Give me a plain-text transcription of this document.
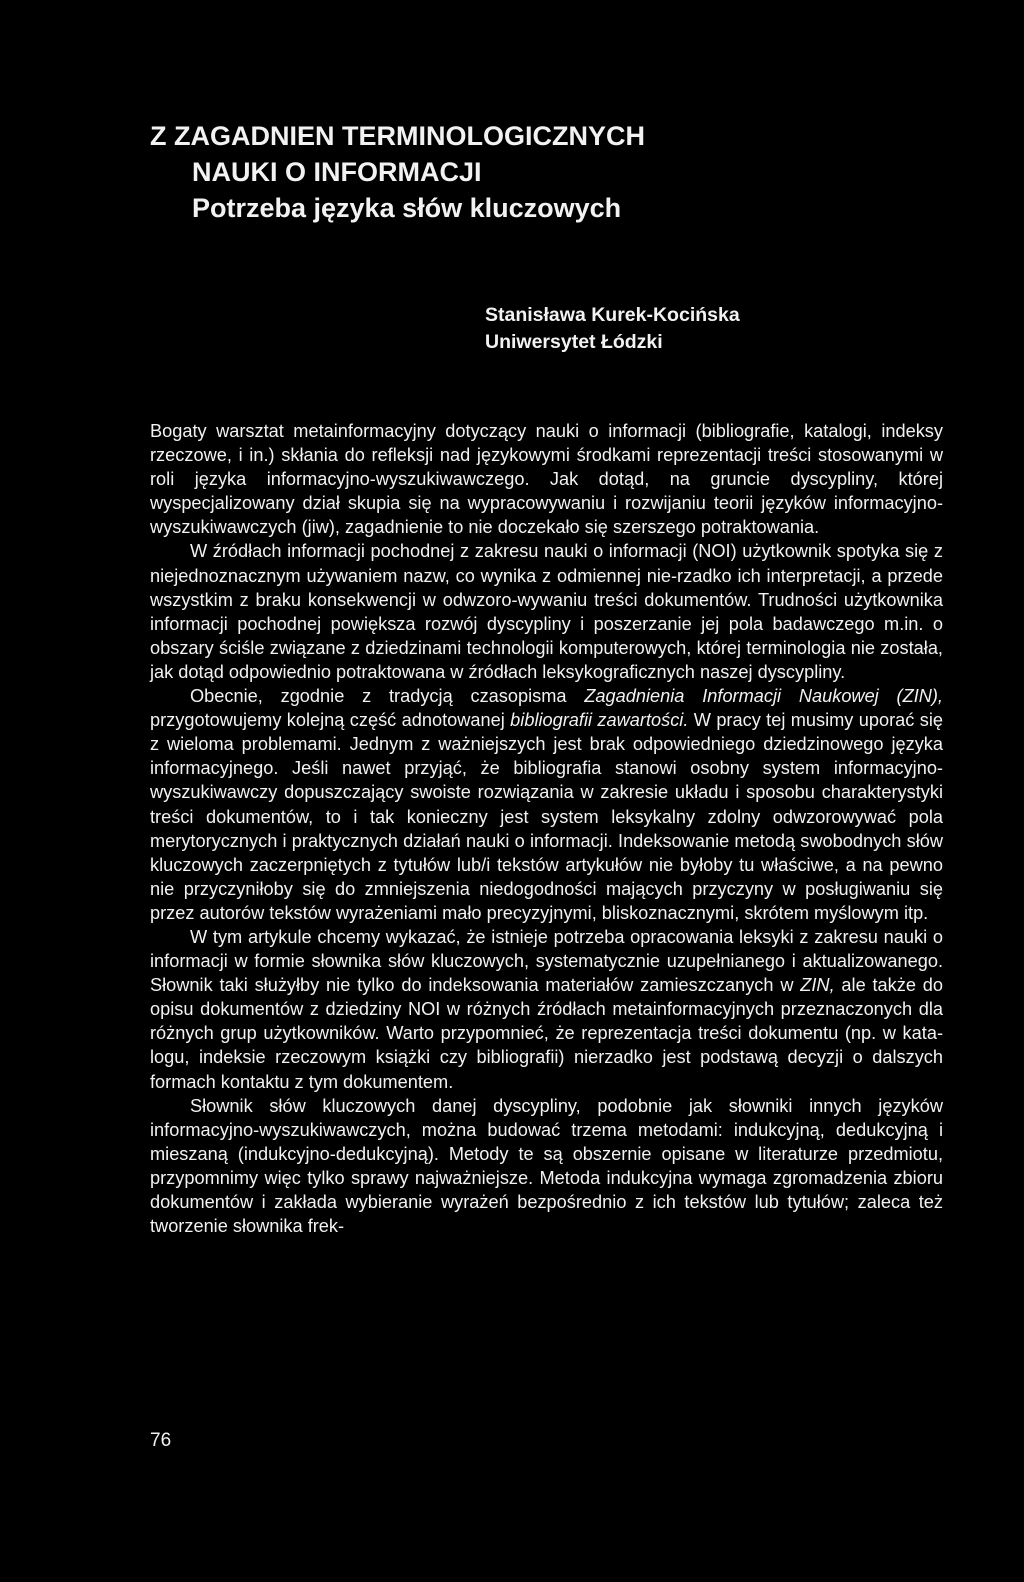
Z ZAGADNIEN TERMINOLOGICZNYCH
NAUKI O INFORMACJI
Potrzeba języka słów kluczowych
Stanisława Kurek-Kocińska
Uniwersytet Łódzki

Bogaty warsztat metainformacyjny dotyczący nauki o informacji (bibliografie, katalogi, indeksy rzeczowe, i in.) skłania do refleksji nad językowymi środkami reprezentacji treści stosowanymi w roli języka informacyjno-wyszukiwawczego. Jak dotąd, na gruncie dyscypliny, której wyspecjalizowany dział skupia się na wypracowywaniu i rozwijaniu teorii języków informacyjno-wyszukiwawczych (jiw), zagadnienie to nie doczekało się szerszego potraktowania.

W źródłach informacji pochodnej z zakresu nauki o informacji (NOI) użytkownik spotyka się z niejednoznacznym używaniem nazw, co wynika z odmiennej nie-rzadko ich interpretacji, a przede wszystkim z braku konsekwencji w odwzoro-wywaniu treści dokumentów. Trudności użytkownika informacji pochodnej powiększa rozwój dyscypliny i poszerzanie jej pola badawczego m.in. o obszary ściśle związane z dziedzinami technologii komputerowych, której terminologia nie została, jak dotąd odpowiednio potraktowana w źródłach leksykograficznych naszej dyscypliny.

Obecnie, zgodnie z tradycją czasopisma Zagadnienia Informacji Naukowej (ZIN), przygotowujemy kolejną część adnotowanej bibliografii zawartości. W pracy tej musimy uporać się z wieloma problemami. Jednym z ważniejszych jest brak odpowiedniego dziedzinowego języka informacyjnego. Jeśli nawet przyjąć, że bibliografia stanowi osobny system informacyjno-wyszukiwawczy dopuszczający swoiste rozwiązania w zakresie układu i sposobu charakterystyki treści dokumentów, to i tak konieczny jest system leksykalny zdolny odwzorowywać pola merytorycznych i praktycznych działań nauki o informacji. Indeksowanie metodą swobodnych słów kluczowych zaczerpniętych z tytułów lub/i tekstów artykułów nie byłoby tu właściwe, a na pewno nie przyczyniłoby się do zmniejszenia niedogodności mających przyczyny w posługiwaniu się przez autorów tekstów wyrażeniami mało precyzyjnymi, bliskoznacznymi, skrótem myślowym itp.

W tym artykule chcemy wykazać, że istnieje potrzeba opracowania leksyki z zakresu nauki o informacji w formie słownika słów kluczowych, systematycznie uzupełnianego i aktualizowanego. Słownik taki służyłby nie tylko do indeksowania materiałów zamieszczanych w ZIN, ale także do opisu dokumentów z dziedziny NOI w różnych źródłach metainformacyjnych przeznaczonych dla różnych grup użytkowników. Warto przypomnieć, że reprezentacja treści dokumentu (np. w katalogu, indeksie rzeczowym książki czy bibliografii) nierzadko jest podstawą decyzji o dalszych formach kontaktu z tym dokumentem.

Słownik słów kluczowych danej dyscypliny, podobnie jak słowniki innych języków informacyjno-wyszukiwawczych, można budować trzema metodami: indukcyjną, dedukcyjną i mieszaną (indukcyjno-dedukcyjną). Metody te są obszernie opisane w literaturze przedmiotu, przypomnimy więc tylko sprawy najważniejsze. Metoda indukcyjna wymaga zgromadzenia zbioru dokumentów i zakłada wybieranie wyrażeń bezpośrednio z ich tekstów lub tytułów; zaleca też tworzenie słownika frek-

76
